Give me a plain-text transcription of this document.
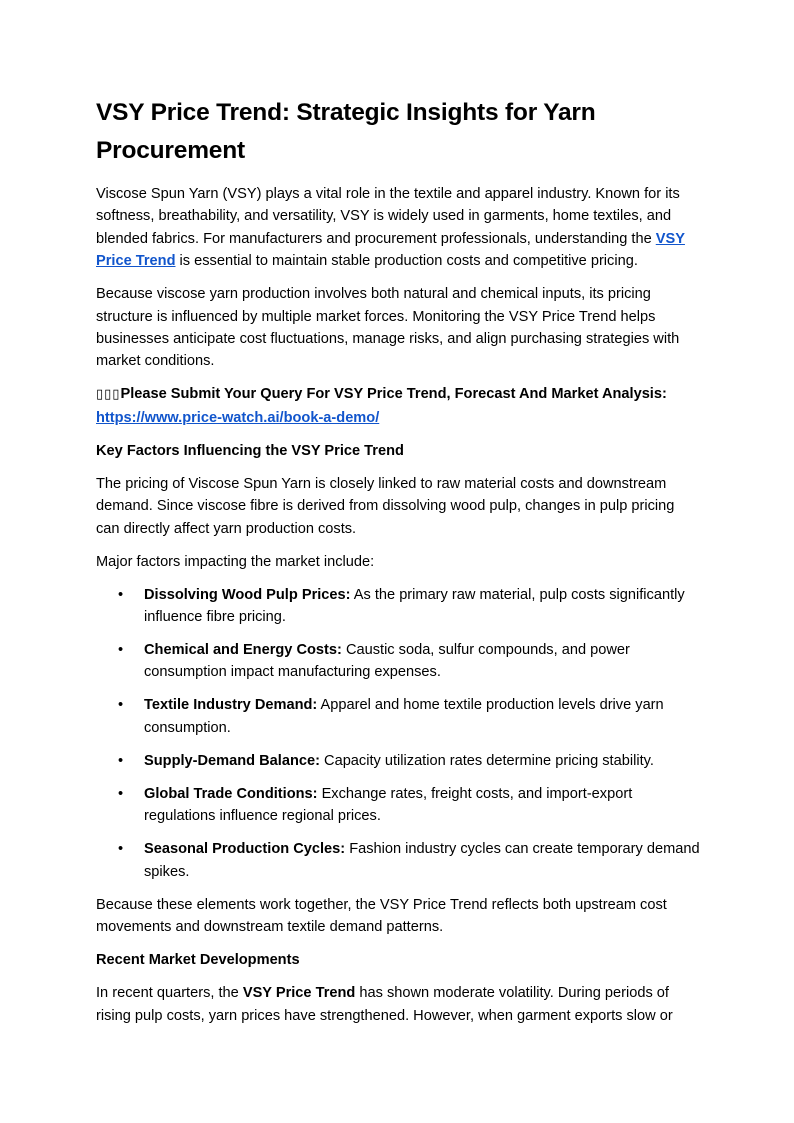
VSY Price Trend: Strategic Insights for Yarn Procurement

Viscose Spun Yarn (VSY) plays a vital role in the textile and apparel industry. Known for its softness, breathability, and versatility, VSY is widely used in garments, home textiles, and blended fabrics. For manufacturers and procurement professionals, understanding the VSY Price Trend is essential to maintain stable production costs and competitive pricing.

Because viscose yarn production involves both natural and chemical inputs, its pricing structure is influenced by multiple market forces. Monitoring the VSY Price Trend helps businesses anticipate cost fluctuations, manage risks, and align purchasing strategies with market conditions.

▯▯▯Please Submit Your Query For VSY Price Trend, Forecast And Market Analysis:
https://www.price-watch.ai/book-a-demo/

Key Factors Influencing the VSY Price Trend

The pricing of Viscose Spun Yarn is closely linked to raw material costs and downstream demand. Since viscose fibre is derived from dissolving wood pulp, changes in pulp pricing can directly affect yarn production costs.

Major factors impacting the market include:

• Dissolving Wood Pulp Prices: As the primary raw material, pulp costs significantly influence fibre pricing.
• Chemical and Energy Costs: Caustic soda, sulfur compounds, and power consumption impact manufacturing expenses.
• Textile Industry Demand: Apparel and home textile production levels drive yarn consumption.
• Supply-Demand Balance: Capacity utilization rates determine pricing stability.
• Global Trade Conditions: Exchange rates, freight costs, and import-export regulations influence regional prices.
• Seasonal Production Cycles: Fashion industry cycles can create temporary demand spikes.

Because these elements work together, the VSY Price Trend reflects both upstream cost movements and downstream textile demand patterns.

Recent Market Developments

In recent quarters, the VSY Price Trend has shown moderate volatility. During periods of rising pulp costs, yarn prices have strengthened. However, when garment exports slow or
